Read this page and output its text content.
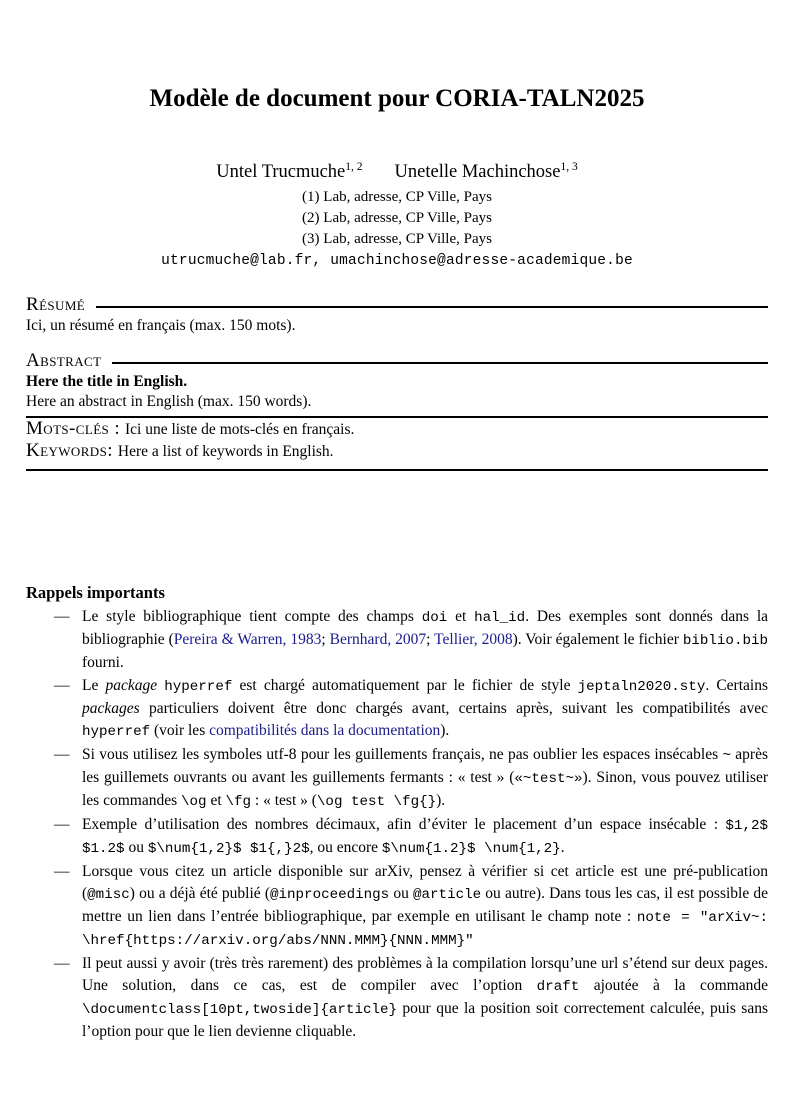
Modèle de document pour CORIA-TALN2025
Untel Trucmuche$^{1, 2}$ Unetelle Machinchose$^{1, 3}$
(1) Lab, adresse, CP Ville, Pays
(2) Lab, adresse, CP Ville, Pays
(3) Lab, adresse, CP Ville, Pays
utrucmuche@lab.fr, umachinchose@adresse-academique.be
Résumé

Ici, un résumé en français (max. 150 mots).

Abstract

Here the title in English.

Here an abstract in English (max. 150 words).

Mots-clés : Ici une liste de mots-clés en français.

Keywords: Here a list of keywords in English.

Rappels importants
— Le style bibliographique tient compte des champs doi et hal_id. Des exemples sont donnés dans la bibliographie (Pereira & Warren, 1983; Bernhard, 2007; Tellier, 2008). Voir également le fichier biblio.bib fourni.
— Le package hyperref est chargé automatiquement par le fichier de style jeptaln2020.sty. Certains packages particuliers doivent être donc chargés avant, certains après, suivant les compatibilités avec hyperref (voir les compatibilités dans la documentation).
— Si vous utilisez les symboles utf-8 pour les guillements français, ne pas oublier les espaces insécables ~ après les guillemets ouvrants ou avant les guillements fermants : « test » («~test~»). Sinon, vous pouvez utiliser les commandes \og et \fg : « test » (\og test \fg{}).
— Exemple d’utilisation des nombres décimaux, afin d’éviter le placement d’un espace insécable : $1,2$ $1.2$ ou $\num{1,2}$ $1{,}2$, ou encore $\num{1.2}$ \num{1,2}.
— Lorsque vous citez un article disponible sur arXiv, pensez à vérifier si cet article est une pré-publication (@misc) ou a déjà été publié (@inproceedings ou @article ou autre). Dans tous les cas, il est possible de mettre un lien dans l’entrée bibliographique, par exemple en utilisant le champ note : note = "arXiv~: \href{https://arxiv.org/abs/NNN.MMM}{NNN.MMM}"
— Il peut aussi y avoir (très très rarement) des problèmes à la compilation lorsqu’une url s’étend sur deux pages. Une solution, dans ce cas, est de compiler avec l’option draft ajoutée à la commande \documentclass[10pt,twoside]{article} pour que la position soit correctement calculée, puis sans l’option pour que le lien devienne cliquable.
